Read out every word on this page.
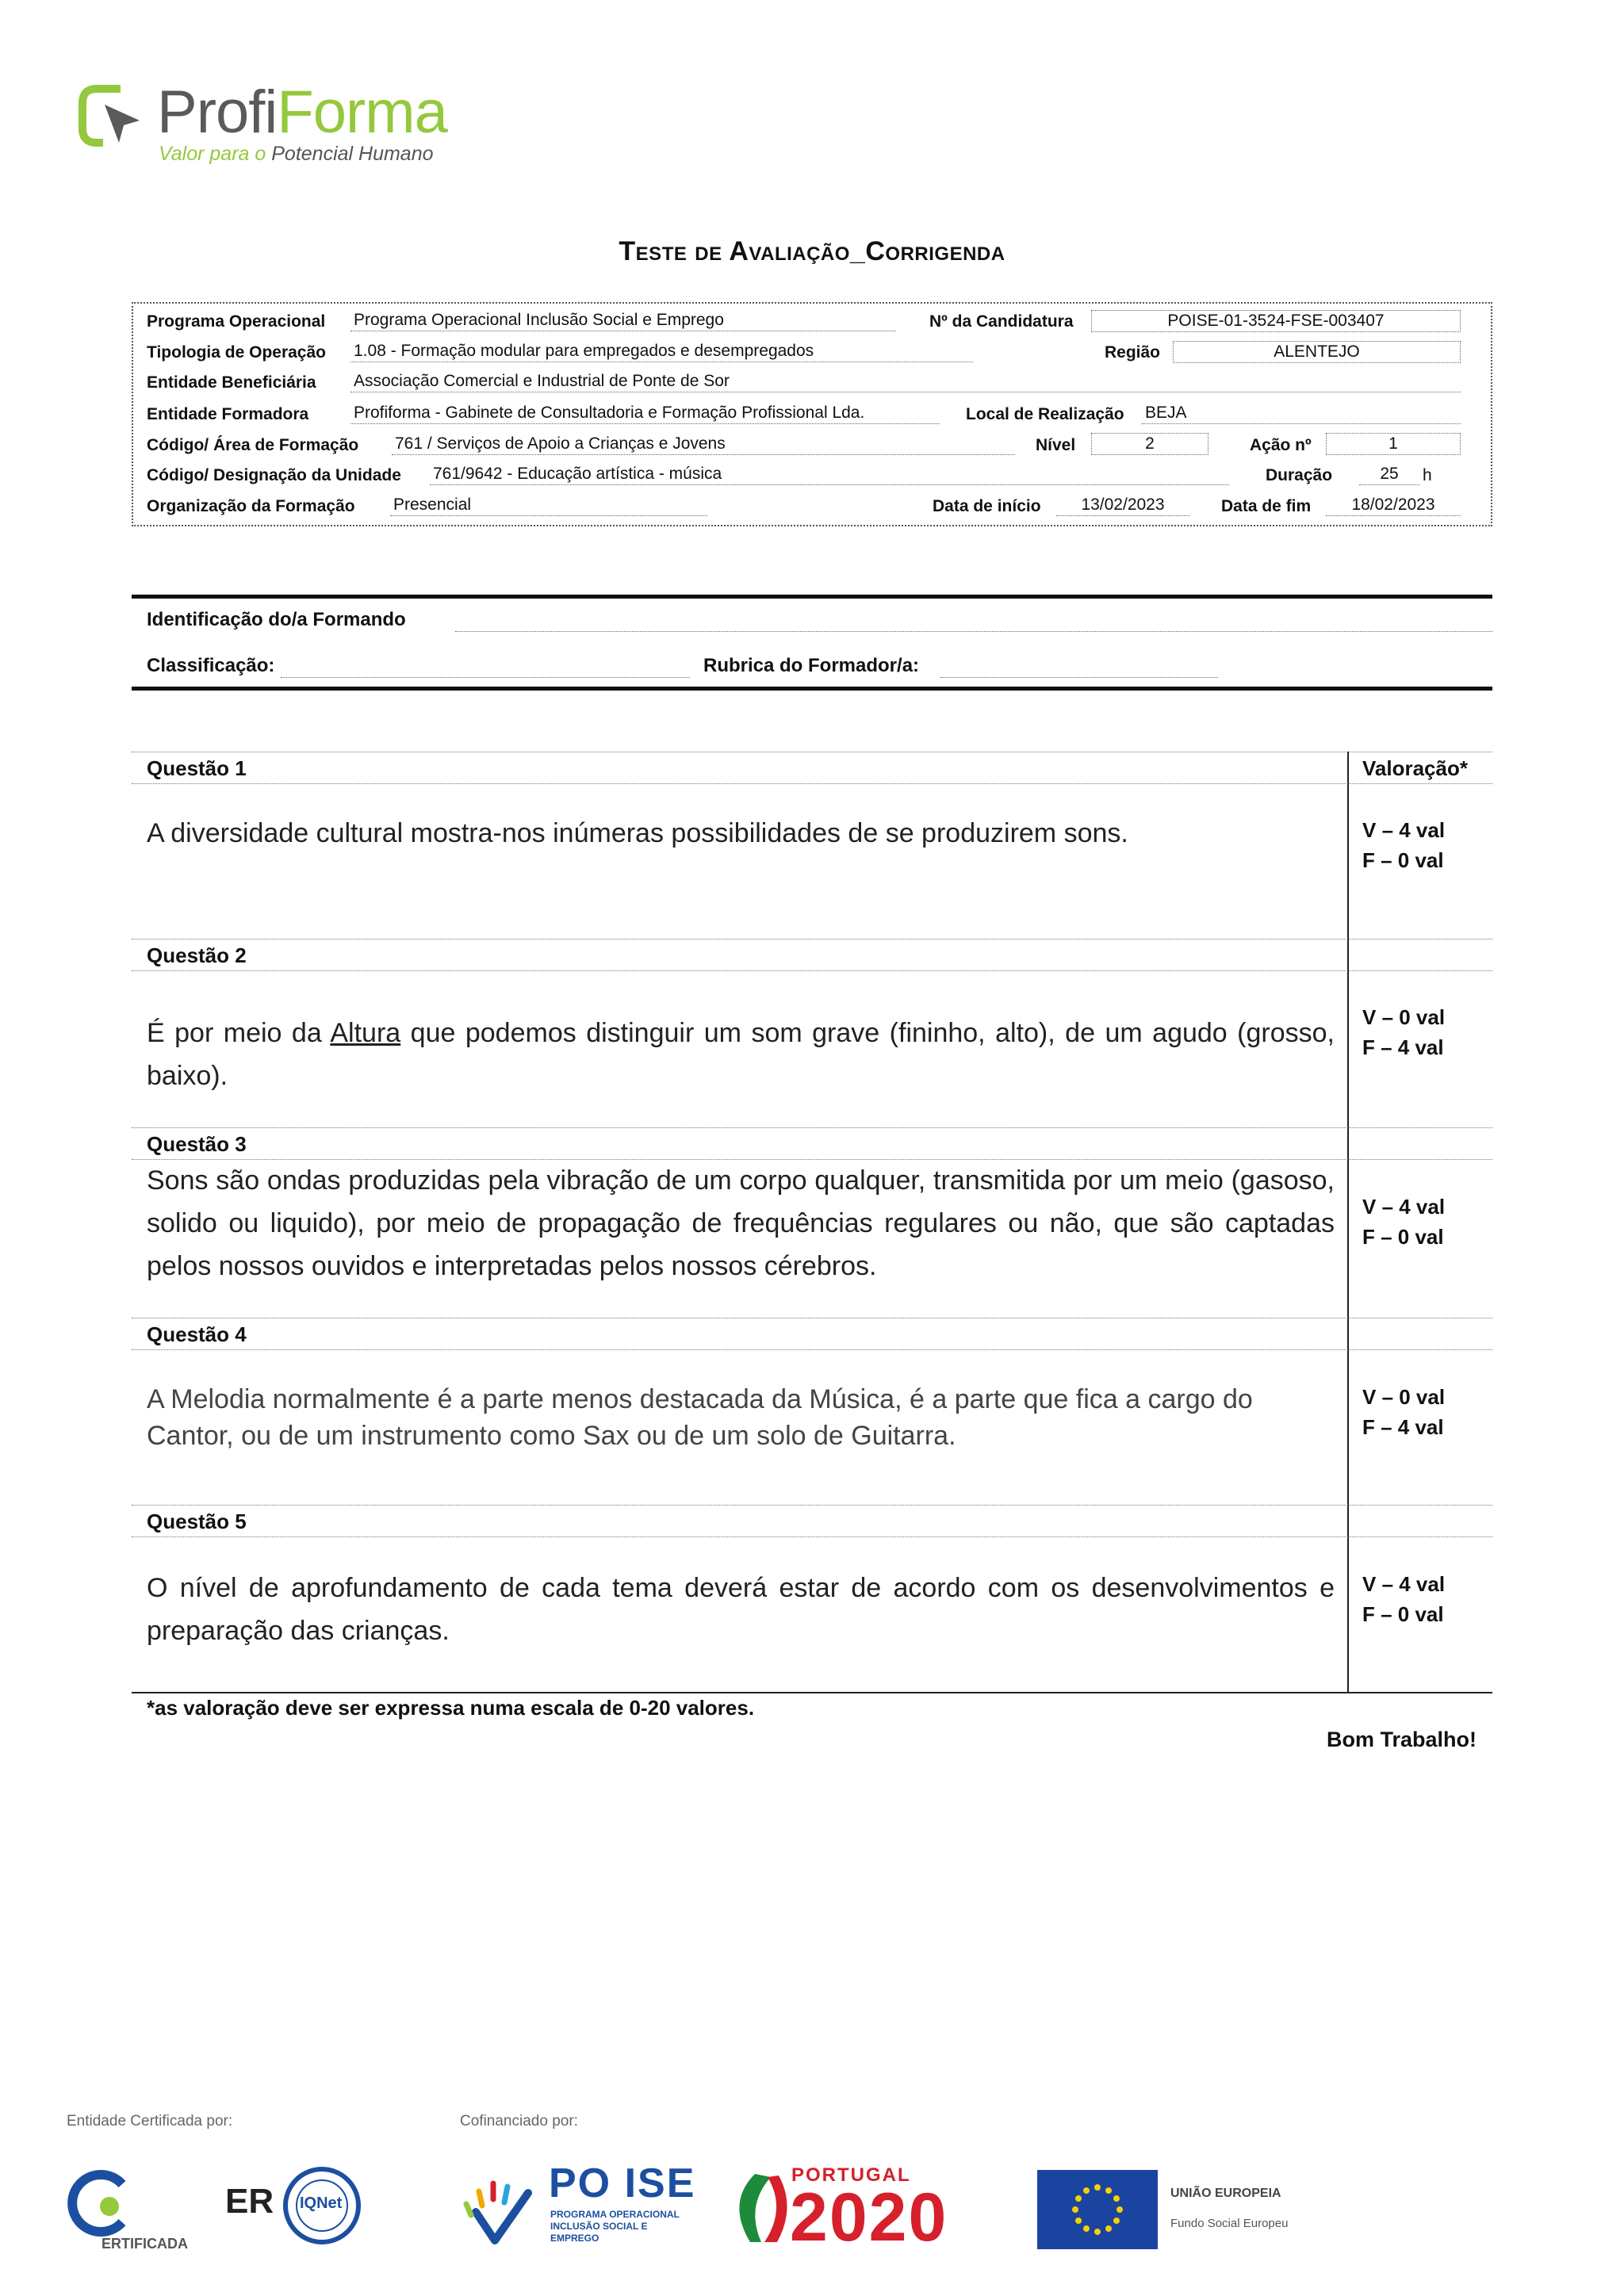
ProfiForma
Valor para o Potencial Humano
Teste de Avaliação_Corrigenda
Programa Operacional Programa Operacional Inclusão Social e Emprego	Nº da Candidatura	POISE-01-3524-FSE-003407
Tipologia de Operação 1.08 - Formação modular para empregados e desempregados	Região	ALENTEJO
Entidade Beneficiária Associação Comercial e Industrial de Ponte de Sor
Entidade Formadora	Profiforma - Gabinete de Consultadoria e Formação Profissional Lda.	Local de Realização BEJA
Código/ Área de Formação 761 / Serviços de Apoio a Crianças e Jovens	Nível	2	Ação nº	1
Código/ Designação da Unidade 761/9642 - Educação artística - música	Duração	25	h
Organização da Formação Presencial	Data de início	13/02/2023	Data de fim	18/02/2023
Identificação do/a Formando
Classificação:	Rubrica do Formador/a:
Questão 1	Valoração*
A diversidade cultural mostra-nos inúmeras possibilidades de se produzirem sons.	V – 4 val
F – 0 val
Questão 2
É por meio da Altura que podemos distinguir um som grave (fininho, alto), de um agudo (grosso, baixo).
V – 0 val
F – 4 val
Questão 3
Sons são ondas produzidas pela vibração de um corpo qualquer, transmitida por um meio (gasoso, solido ou liquido), por meio de propagação de frequências regulares ou não, que são captadas pelos nossos ouvidos e interpretadas pelos nossos cérebros.
V – 4 val
F – 0 val
Questão 4
A Melodia normalmente é a parte menos destacada da Música, é a parte que fica a cargo do Cantor, ou de um instrumento como Sax ou de um solo de Guitarra.
V – 0 val
F – 4 val
Questão 5
O nível de aprofundamento de cada tema deverá estar de acordo com os desenvolvimentos e preparação das crianças.
V – 4 val
F – 0 val
*as valoração deve ser expressa numa escala de 0-20 valores.
Bom Trabalho!
Entidade Certificada por:	Cofinanciado por:
ERTIFICADA
ER IQNet	PO ISE
PROGRAMA OPERACIONAL INCLUSÃO SOCIAL E EMPREGO
PORTUGAL
2020	UNIÃO EUROPEIA
Fundo Social Europeu
